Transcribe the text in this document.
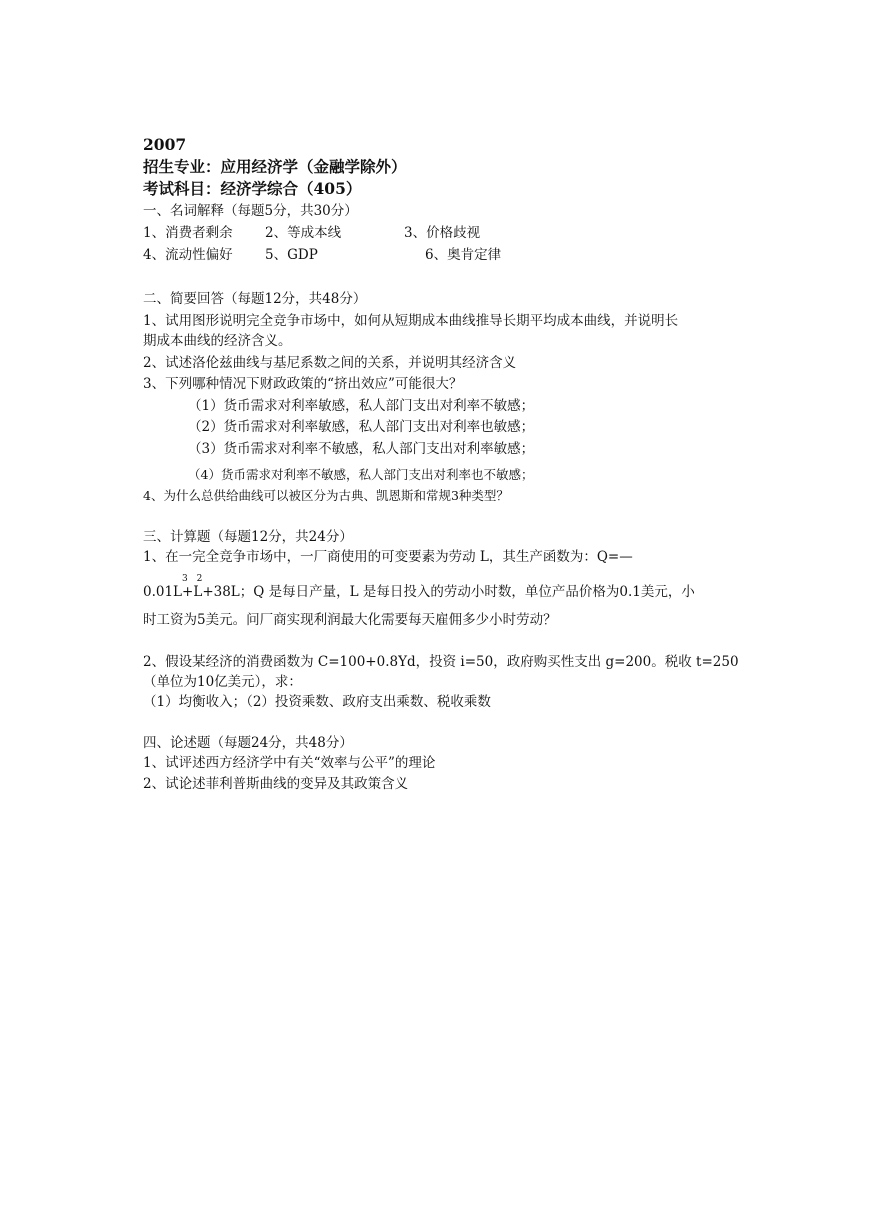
2007
招生专业：应用经济学（金融学除外）
考试科目：经济学综合（405）
一、名词解释（每题5分，共30分）
1、消费者剩余 2、等成本线	3、价格歧视
4、流动性偏好 5、GDP	6、奥肯定律
二、简要回答（每题12分，共48分）
1、试用图形说明完全竞争市场中，如何从短期成本曲线推导长期平均成本曲线，并说明长
期成本曲线的经济含义。
2、试述洛伦兹曲线与基尼系数之间的关系，并说明其经济含义
3、下列哪种情况下财政政策的“挤出效应”可能很大？
（1）货币需求对利率敏感，私人部门支出对利率不敏感；
（2）货币需求对利率敏感，私人部门支出对利率也敏感；
（3）货币需求对利率不敏感，私人部门支出对利率敏感；
（4）货币需求对利率不敏感，私人部门支出对利率也不敏感；
4、为什么总供给曲线可以被区分为古典、凯恩斯和常规3种类型？
三、计算题（每题12分，共24分）
1、在一完全竞争市场中，一厂商使用的可变要素为劳动 L，其生产函数为：Q=—
0.01L
3
+L
2
+38L；Q 是每日产量，L 是每日投入的劳动小时数，单位产品价格为0.1美元，小
时工资为5美元。问厂商实现利润最大化需要每天雇佣多少小时劳动？
2、假设某经济的消费函数为 C=100+0.8Yd，投资 i=50，政府购买性支出 g=200。税收 t=250
（单位为10亿美元），求：
（1）均衡收入；（2）投资乘数、政府支出乘数、税收乘数
四、论述题（每题24分，共48分）
1、试评述西方经济学中有关“效率与公平”的理论
2、试论述菲利普斯曲线的变异及其政策含义
